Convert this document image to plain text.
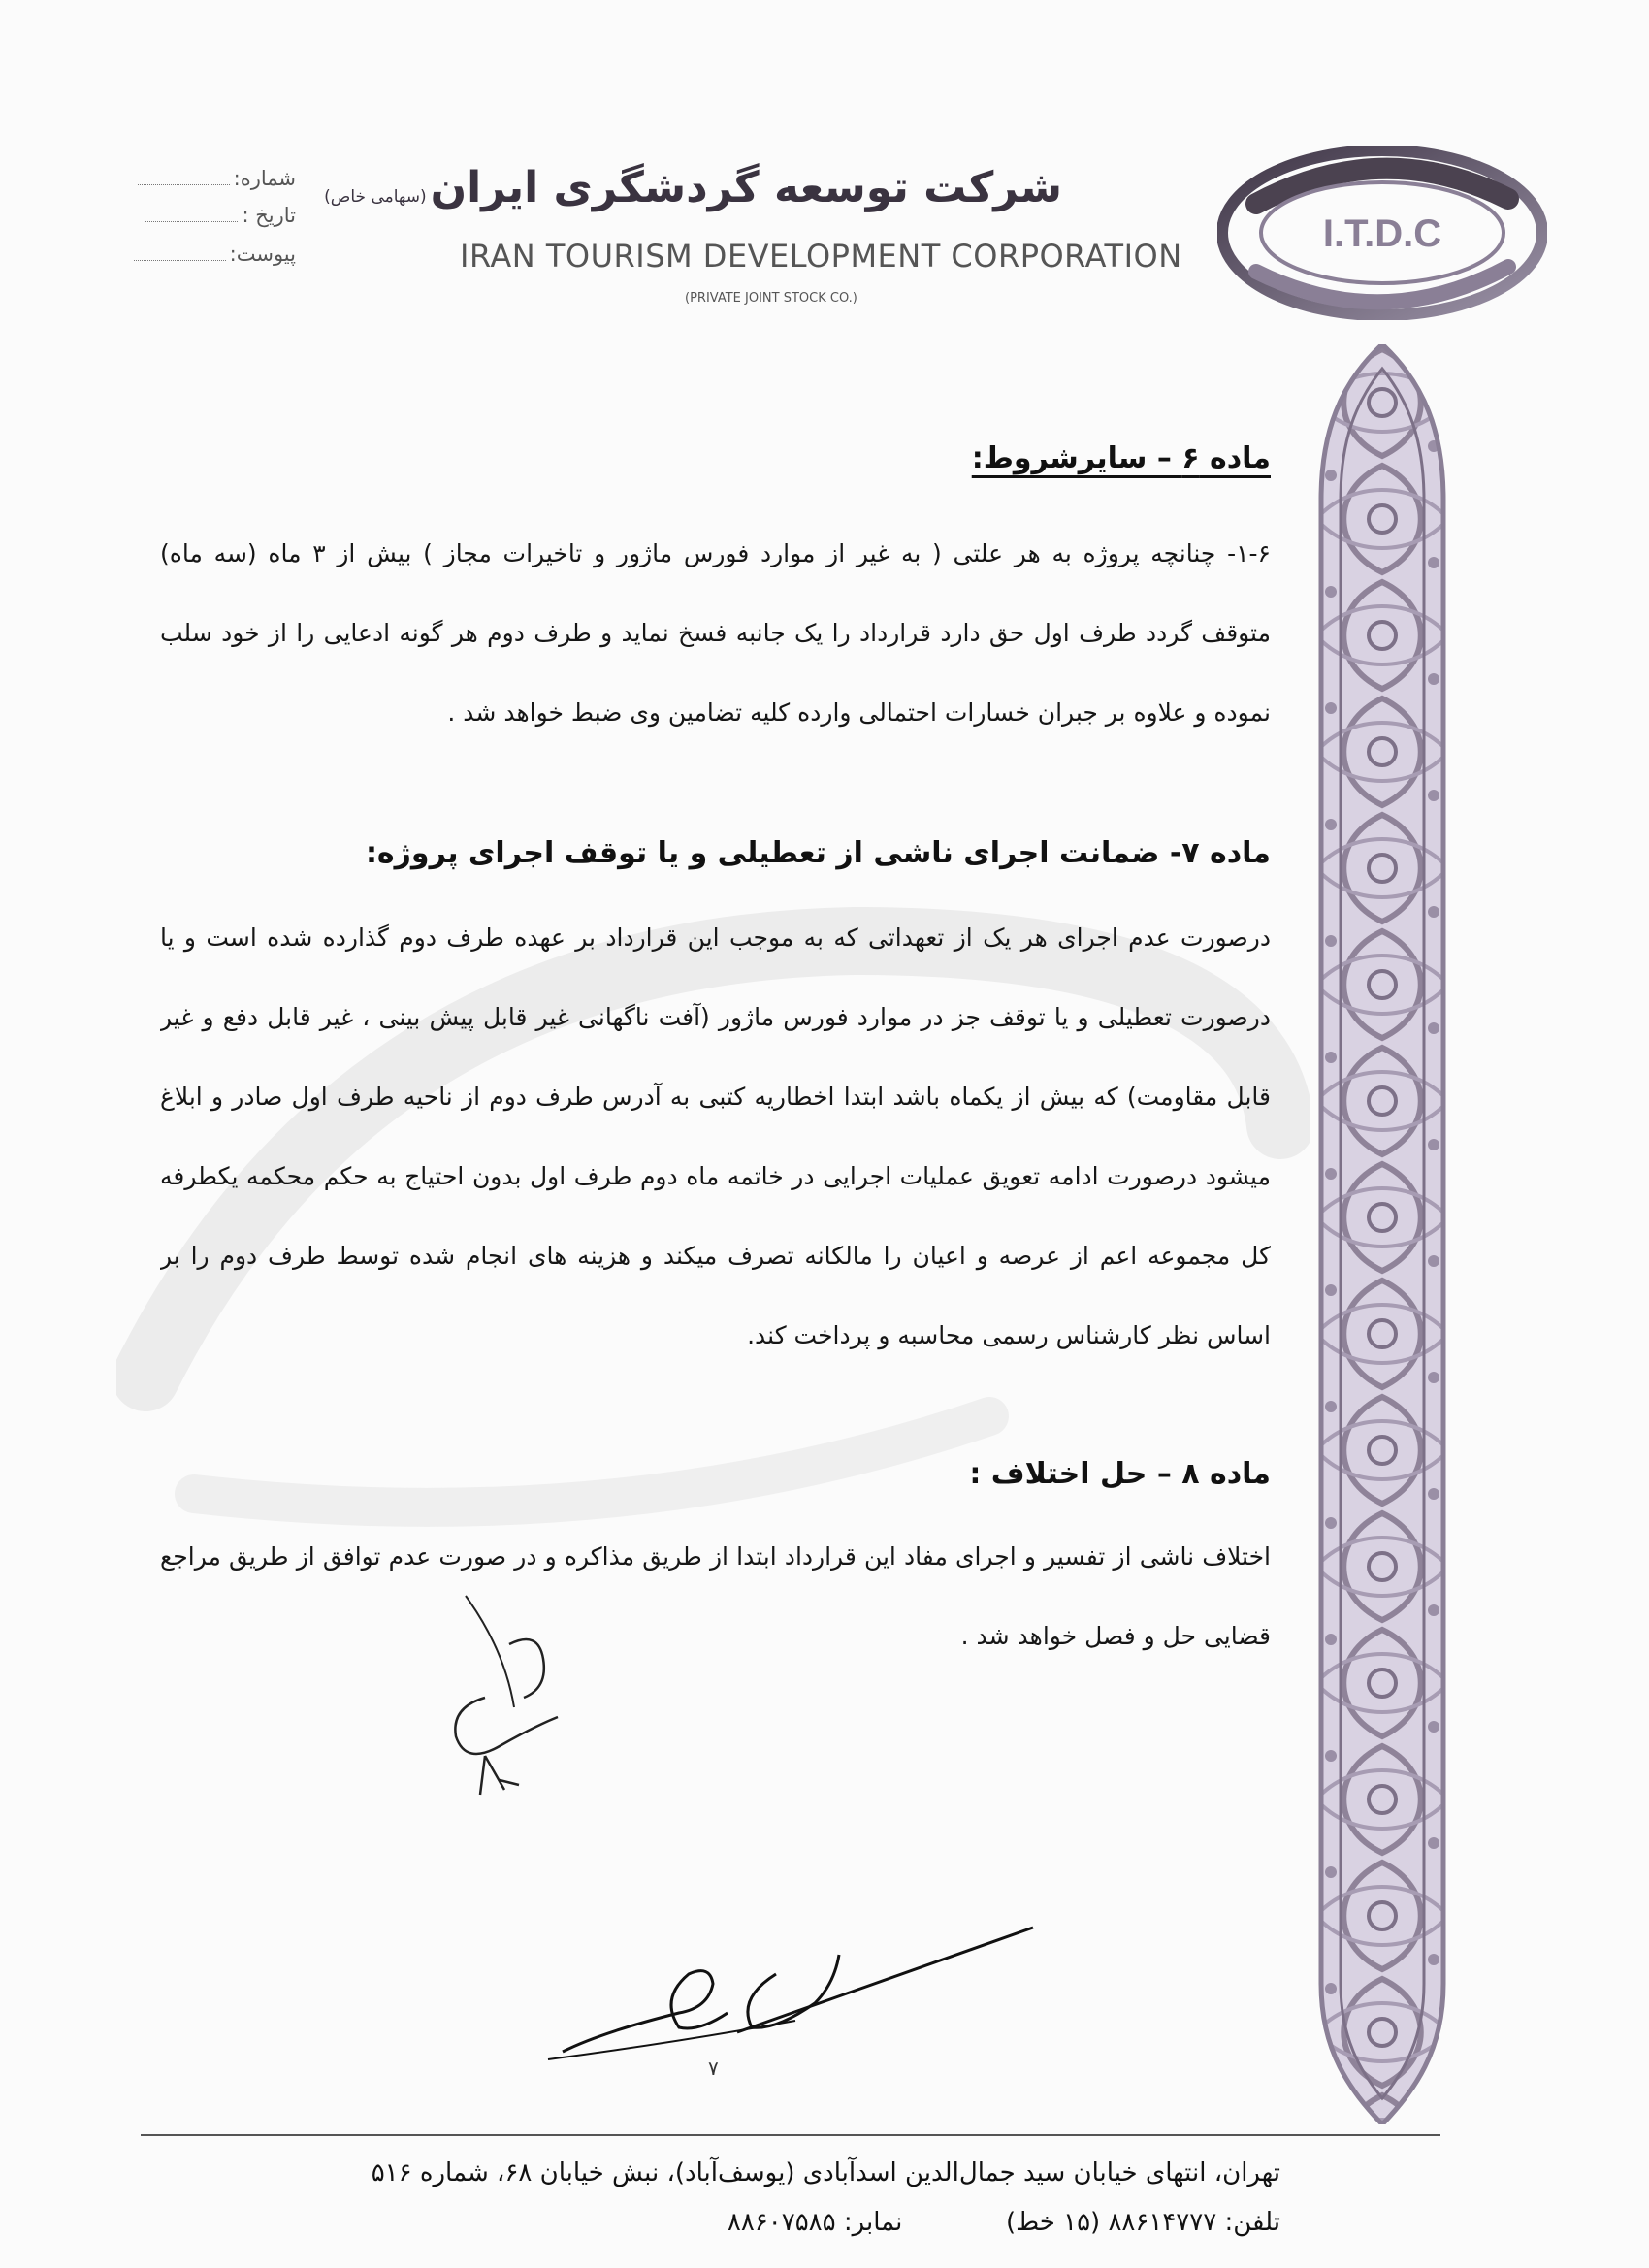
I.T.D.C
شرکت توسعه گردشگری ایران(سهامی خاص)
IRAN TOURISM DEVELOPMENT CORPORATION
(PRIVATE JOINT STOCK CO.)
شماره:
تاریخ :
پیوست:
ماده ۶ – سایرشروط:
۱-۶- چنانچه پروژه به هر علتی ( به غیر از موارد فورس ماژور و تاخیرات مجاز ) بیش از ۳ ماه (سه ماه)
متوقف گردد طرف اول حق دارد قرارداد را یک جانبه فسخ نماید و طرف دوم هر گونه ادعایی را از خود سلب
نموده و علاوه بر جبران خسارات احتمالی وارده کلیه تضامین وی ضبط خواهد شد .
ماده ۷- ضمانت اجرای ناشی از تعطیلی و یا توقف اجرای پروژه:
درصورت عدم اجرای هر یک از تعهداتی که به موجب این قرارداد بر عهده طرف دوم گذارده شده است و یا
درصورت تعطیلی و یا توقف جز در موارد فورس ماژور (آفت ناگهانی غیر قابل پیش بینی ، غیر قابل دفع و غیر
قابل مقاومت) که بیش از یکماه باشد ابتدا اخطاریه کتبی به آدرس طرف دوم از ناحیه طرف اول صادر و ابلاغ
میشود درصورت ادامه تعویق عملیات اجرایی در خاتمه ماه دوم طرف اول بدون احتیاج به حکم محکمه یکطرفه
کل مجموعه اعم از عرصه و اعیان را مالکانه تصرف میکند و هزینه های انجام شده توسط طرف دوم را بر
اساس نظر کارشناس رسمی محاسبه و پرداخت کند.
ماده ۸ – حل اختلاف :
اختلاف ناشی از تفسیر و اجرای مفاد این قرارداد ابتدا از طریق مذاکره و در صورت عدم توافق از طریق مراجع
قضایی حل و فصل خواهد شد .
۷
تهران، انتهای خیابان سید جمال‌الدین اسدآبادی (یوسف‌آباد)، نبش خیابان ۶۸، شماره ۵۱۶
تلفن: ۸۸۶۱۴۷۷۷ (۱۵ خط)  نمابر: ۸۸۶۰۷۵۸۵
